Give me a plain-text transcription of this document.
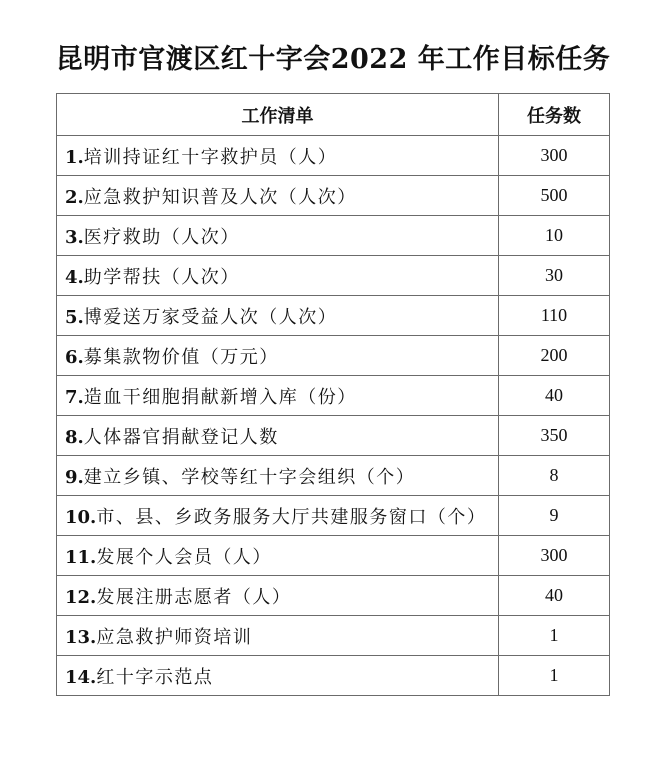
昆明市官渡区红十字会2022 年工作目标任务
工作清单	任务数
1.培训持证红十字救护员（人）	300
2.应急救护知识普及人次（人次）	500
3.医疗救助（人次）	10
4.助学帮扶（人次）	30
5.博爱送万家受益人次（人次）	110
6.募集款物价值（万元）	200
7.造血干细胞捐献新增入库（份）	40
8.人体器官捐献登记人数	350
9.建立乡镇、学校等红十字会组织（个）	8
10.市、县、乡政务服务大厅共建服务窗口（个）	9
11.发展个人会员（人）	300
12.发展注册志愿者（人）	40
13.应急救护师资培训	1
14.红十字示范点	1
